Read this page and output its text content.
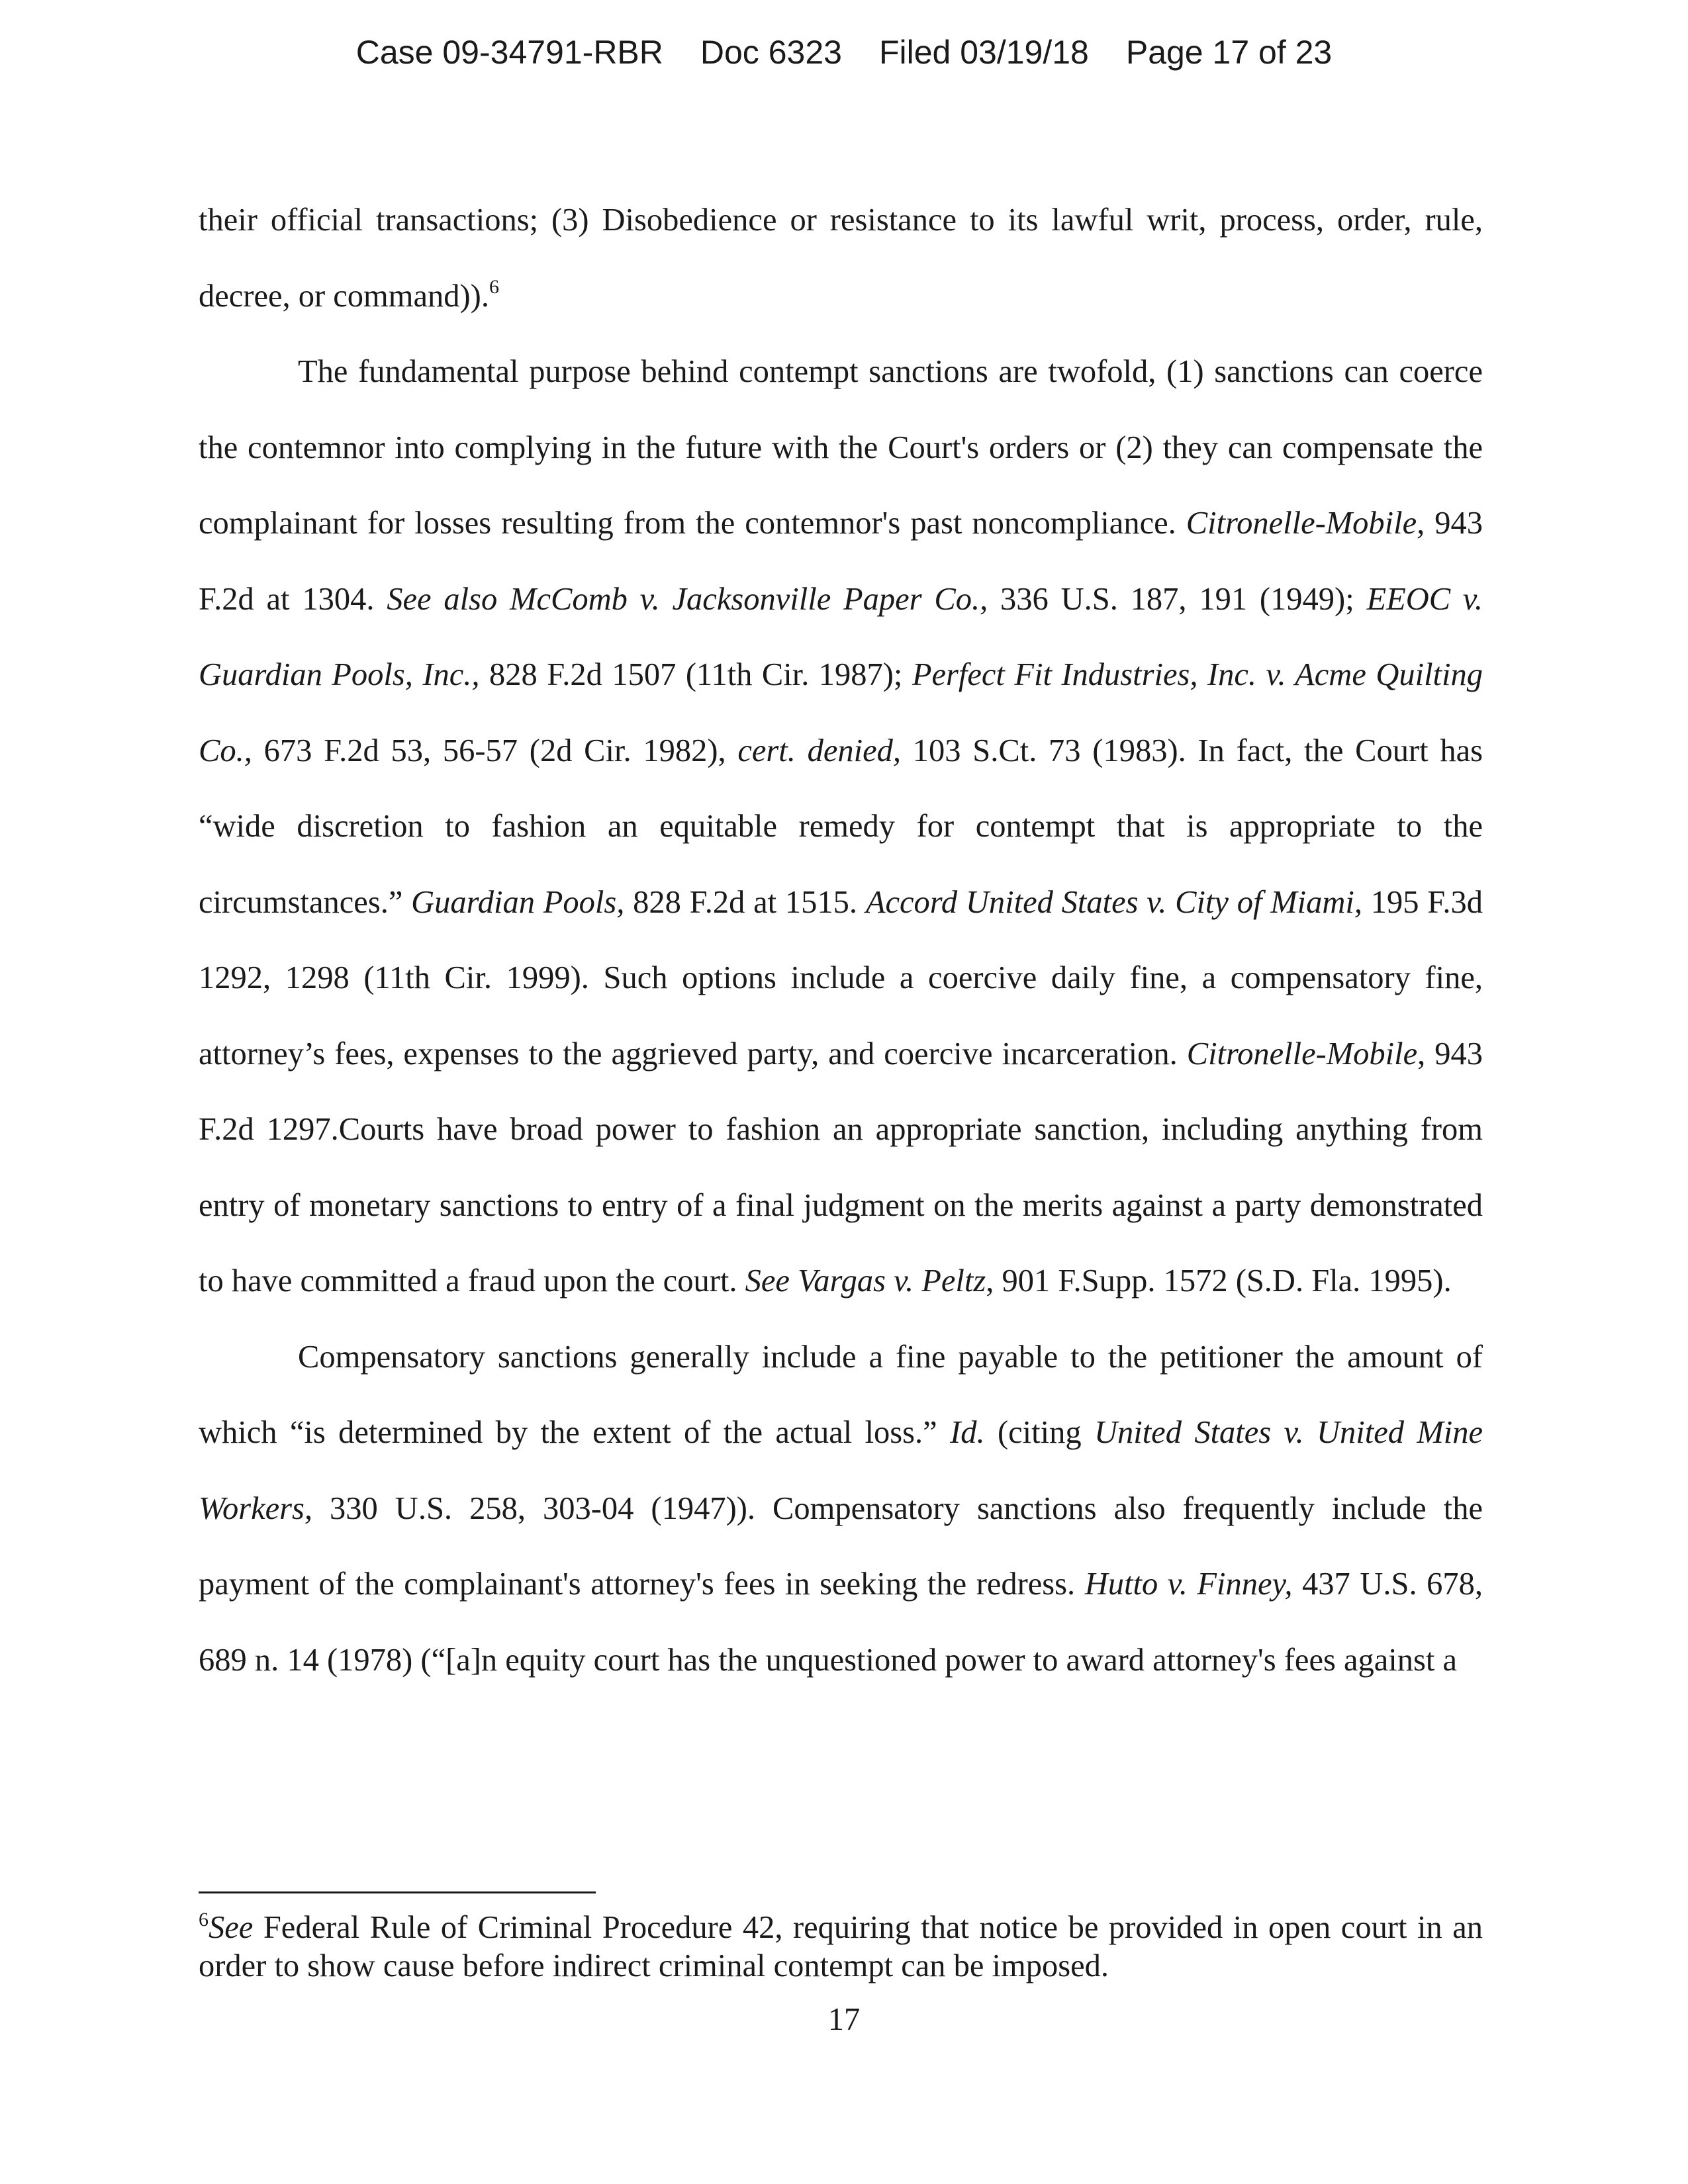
Case 09-34791-RBR Doc 6323 Filed 03/19/18 Page 17 of 23

their official transactions; (3) Disobedience or resistance to its lawful writ, process, order, rule, decree, or command)).$^6$

The fundamental purpose behind contempt sanctions are twofold, (1) sanctions can coerce the contemnor into complying in the future with the Court's orders or (2) they can compensate the complainant for losses resulting from the contemnor's past noncompliance. Citronelle-Mobile, 943 F.2d at 1304. See also McComb v. Jacksonville Paper Co., 336 U.S. 187, 191 (1949); EEOC v. Guardian Pools, Inc., 828 F.2d 1507 (11th Cir. 1987); Perfect Fit Industries, Inc. v. Acme Quilting Co., 673 F.2d 53, 56-57 (2d Cir. 1982), cert. denied, 103 S.Ct. 73 (1983). In fact, the Court has “wide discretion to fashion an equitable remedy for contempt that is appropriate to the circumstances.” Guardian Pools, 828 F.2d at 1515. Accord United States v. City of Miami, 195 F.3d 1292, 1298 (11th Cir. 1999). Such options include a coercive daily fine, a compensatory fine, attorney’s fees, expenses to the aggrieved party, and coercive incarceration. Citronelle-Mobile, 943 F.2d 1297.Courts have broad power to fashion an appropriate sanction, including anything from entry of monetary sanctions to entry of a final judgment on the merits against a party demonstrated to have committed a fraud upon the court. See Vargas v. Peltz, 901 F.Supp. 1572 (S.D. Fla. 1995).

Compensatory sanctions generally include a fine payable to the petitioner the amount of which “is determined by the extent of the actual loss.” Id. (citing United States v. United Mine Workers, 330 U.S. 258, 303-04 (1947)). Compensatory sanctions also frequently include the payment of the complainant's attorney's fees in seeking the redress. Hutto v. Finney, 437 U.S. 678, 689 n. 14 (1978) (“[a]n equity court has the unquestioned power to award attorney's fees against a

$^6$See Federal Rule of Criminal Procedure 42, requiring that notice be provided in open court in an order to show cause before indirect criminal contempt can be imposed.
17
